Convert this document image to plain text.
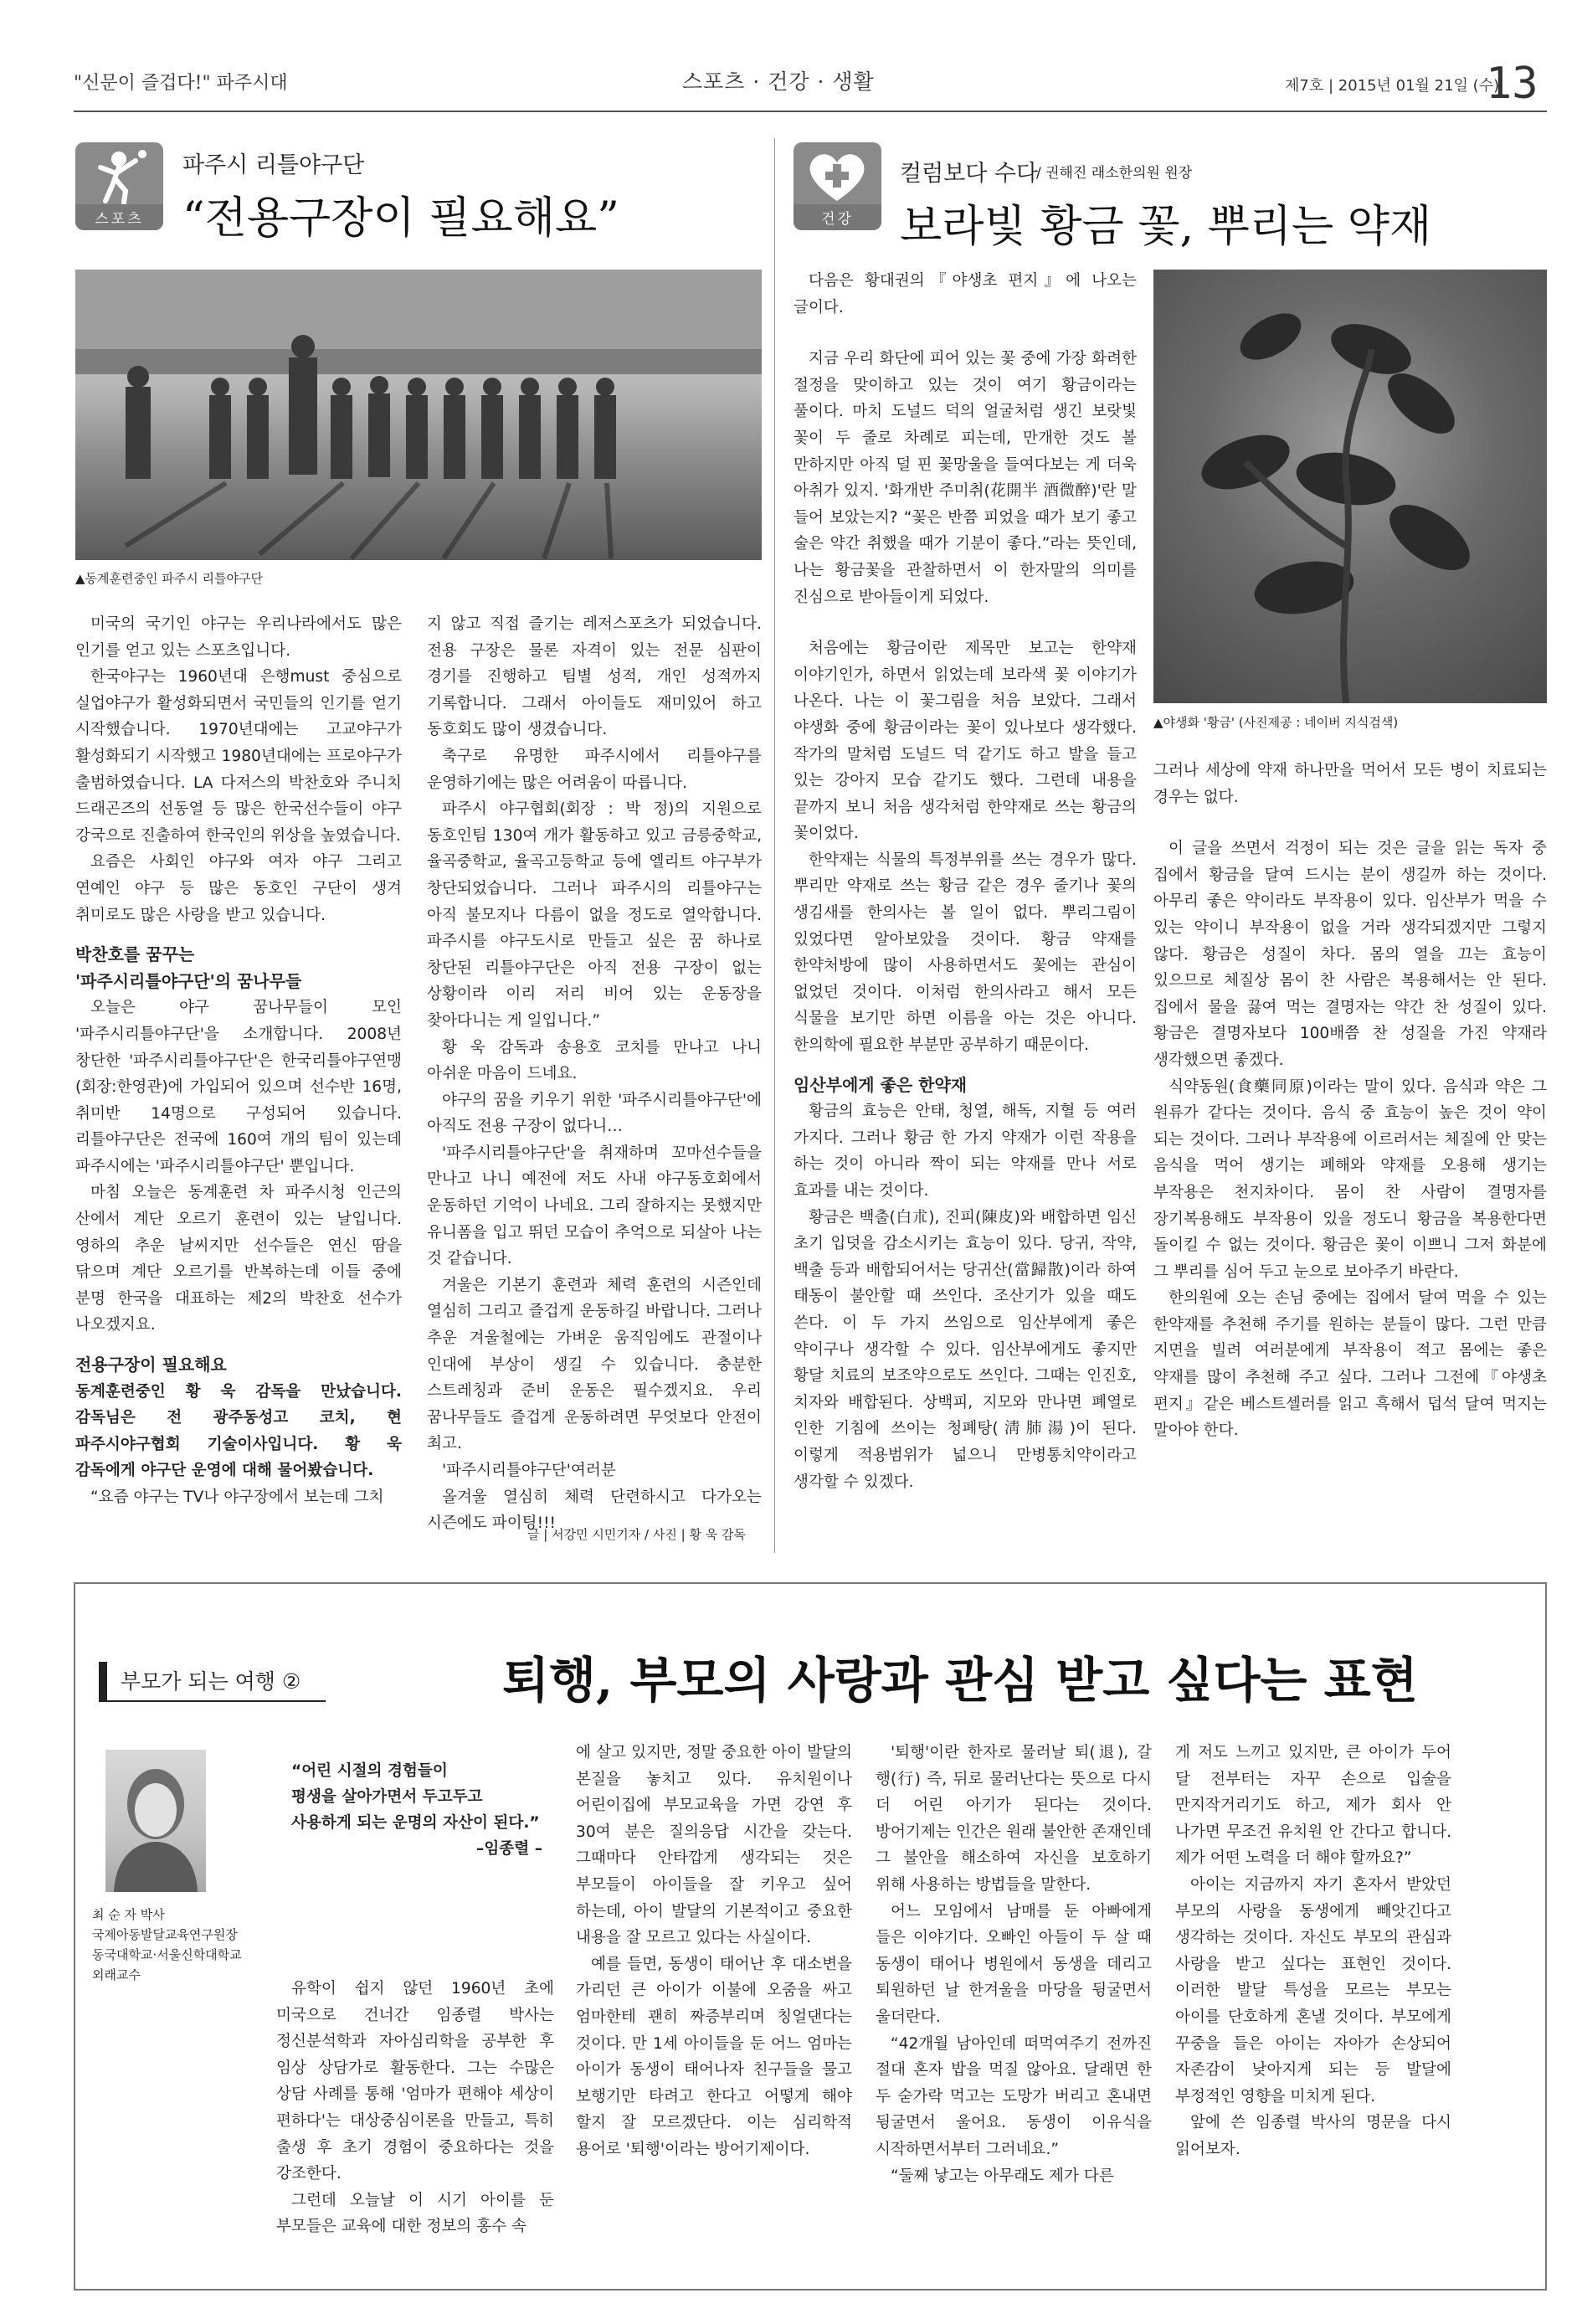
"신문이 즐겁다!" 파주시대	스포츠 · 건강 · 생활	제7호 | 2015년 01월 21일 (수)
13
스포츠
파주시 리틀야구단
“전용구장이 필요해요”	건강
컬럼보다 수다
/ 권해진 래소한의원 원장
보라빛 황금 꽃, 뿌리는 약재
▲동계훈련중인 파주시 리틀야구단

미국의 국기인 야구는 우리나라에서도 많은 인기를 얻고 있는 스포츠입니다.

한국야구는 1960년대 은행must 중심으로 실업야구가 활성화되면서 국민들의 인기를 얻기 시작했습니다. 1970년대에는 고교야구가 활성화되기 시작했고 1980년대에는 프로야구가 출범하였습니다. LA 다저스의 박찬호와 주니치 드래곤즈의 선동열 등 많은 한국선수들이 야구 강국으로 진출하여 한국인의 위상을 높였습니다.

요즘은 사회인 야구와 여자 야구 그리고 연예인 야구 등 많은 동호인 구단이 생겨 취미로도 많은 사랑을 받고 있습니다.

박찬호를 꿈꾸는

'파주시리틀야구단'의 꿈나무들

오늘은 야구 꿈나무들이 모인 '파주시리틀야구단'을 소개합니다. 2008년 창단한 '파주시리틀야구단'은 한국리틀야구연맹(회장:한영관)에 가입되어 있으며 선수반 16명, 취미반 14명으로 구성되어 있습니다. 리틀야구단은 전국에 160여 개의 팀이 있는데 파주시에는 '파주시리틀야구단' 뿐입니다.

마침 오늘은 동계훈련 차 파주시청 인근의 산에서 계단 오르기 훈련이 있는 날입니다. 영하의 추운 날씨지만 선수들은 연신 땀을 닦으며 계단 오르기를 반복하는데 이들 중에 분명 한국을 대표하는 제2의 박찬호 선수가 나오겠지요.

전용구장이 필요해요

동계훈련중인 황 욱 감독을 만났습니다. 감독님은 전 광주동성고 코치, 현 파주시야구협회 기술이사입니다. 황 욱 감독에게 야구단 운영에 대해 물어봤습니다.

“요즘 야구는 TV나 야구장에서 보는데 그치

지 않고 직접 즐기는 레저스포츠가 되었습니다. 전용 구장은 물론 자격이 있는 전문 심판이 경기를 진행하고 팀별 성적, 개인 성적까지 기록합니다. 그래서 아이들도 재미있어 하고 동호회도 많이 생겼습니다.

축구로 유명한 파주시에서 리틀야구를 운영하기에는 많은 어려움이 따릅니다.

파주시 야구협회(회장 : 박 정)의 지원으로 동호인팀 130여 개가 활동하고 있고 금릉중학교, 율곡중학교, 율곡고등학교 등에 엘리트 야구부가 창단되었습니다. 그러나 파주시의 리틀야구는 아직 불모지나 다름이 없을 정도로 열악합니다. 파주시를 야구도시로 만들고 싶은 꿈 하나로 창단된 리틀야구단은 아직 전용 구장이 없는 상황이라 이리 저리 비어 있는 운동장을 찾아다니는 게 일입니다.”

황 욱 감독과 송용호 코치를 만나고 나니 아쉬운 마음이 드네요.

야구의 꿈을 키우기 위한 '파주시리틀야구단'에 아직도 전용 구장이 없다니…

'파주시리틀야구단'을 취재하며 꼬마선수들을 만나고 나니 예전에 저도 사내 야구동호회에서 운동하던 기억이 나네요. 그리 잘하지는 못했지만 유니폼을 입고 뛰던 모습이 추억으로 되살아 나는 것 같습니다.

겨울은 기본기 훈련과 체력 훈련의 시즌인데 열심히 그리고 즐겁게 운동하길 바랍니다. 그러나 추운 겨울철에는 가벼운 움직임에도 관절이나 인대에 부상이 생길 수 있습니다. 충분한 스트레칭과 준비 운동은 필수겠지요. 우리 꿈나무들도 즐겁게 운동하려면 무엇보다 안전이 최고.

'파주시리틀야구단'여러분

올겨울 열심히 체력 단련하시고 다가오는 시즌에도 파이팅!!!

글 | 서강민 시민기자 / 사진 | 황 욱 감독

다음은 황대권의『야생초 편지』에 나오는 글이다.

지금 우리 화단에 피어 있는 꽃 중에 가장 화려한 절정을 맞이하고 있는 것이 여기 황금이라는 풀이다. 마치 도널드 덕의 얼굴처럼 생긴 보랏빛 꽃이 두 줄로 차례로 피는데, 만개한 것도 볼 만하지만 아직 덜 핀 꽃망울을 들여다보는 게 더욱 아취가 있지. '화개반 주미취(花開半 酒微醉)'란 말 들어 보았는지? “꽃은 반쯤 피었을 때가 보기 좋고 술은 약간 취했을 때가 기분이 좋다.”라는 뜻인데, 나는 황금꽃을 관찰하면서 이 한자말의 의미를 진심으로 받아들이게 되었다.

처음에는 황금이란 제목만 보고는 한약재 이야기인가, 하면서 읽었는데 보라색 꽃 이야기가 나온다. 나는 이 꽃그림을 처음 보았다. 그래서 야생화 중에 황금이라는 꽃이 있나보다 생각했다. 작가의 말처럼 도널드 덕 같기도 하고 발을 들고 있는 강아지 모습 같기도 했다. 그런데 내용을 끝까지 보니 처음 생각처럼 한약재로 쓰는 황금의 꽃이었다.

한약재는 식물의 특정부위를 쓰는 경우가 많다. 뿌리만 약재로 쓰는 황금 같은 경우 줄기나 꽃의 생김새를 한의사는 볼 일이 없다. 뿌리그림이 있었다면 알아보았을 것이다. 황금 약재를 한약처방에 많이 사용하면서도 꽃에는 관심이 없었던 것이다. 이처럼 한의사라고 해서 모든 식물을 보기만 하면 이름을 아는 것은 아니다. 한의학에 필요한 부분만 공부하기 때문이다.

임산부에게 좋은 한약재

황금의 효능은 안태, 청열, 해독, 지혈 등 여러 가지다. 그러나 황금 한 가지 약재가 이런 작용을 하는 것이 아니라 짝이 되는 약재를 만나 서로 효과를 내는 것이다.

황금은 백출(白朮), 진피(陳皮)와 배합하면 임신 초기 입덧을 감소시키는 효능이 있다. 당귀, 작약, 백출 등과 배합되어서는 당귀산(當歸散)이라 하여 태동이 불안할 때 쓰인다. 조산기가 있을 때도 쓴다. 이 두 가지 쓰임으로 임산부에게 좋은 약이구나 생각할 수 있다. 임산부에게도 좋지만 황달 치료의 보조약으로도 쓰인다. 그때는 인진호, 치자와 배합된다. 상백피, 지모와 만나면 폐열로 인한 기침에 쓰이는 청폐탕(淸肺湯)이 된다. 이렇게 적용범위가 넓으니 만병통치약이라고 생각할 수 있겠다.

▲야생화 '황금' (사진제공 : 네이버 지식검색)

그러나 세상에 약재 하나만을 먹어서 모든 병이 치료되는 경우는 없다.

이 글을 쓰면서 걱정이 되는 것은 글을 읽는 독자 중 집에서 황금을 달여 드시는 분이 생길까 하는 것이다. 아무리 좋은 약이라도 부작용이 있다. 임산부가 먹을 수 있는 약이니 부작용이 없을 거라 생각되겠지만 그렇지 않다. 황금은 성질이 차다. 몸의 열을 끄는 효능이 있으므로 체질상 몸이 찬 사람은 복용해서는 안 된다. 집에서 물을 끓여 먹는 결명자는 약간 찬 성질이 있다. 황금은 결명자보다 100배쯤 찬 성질을 가진 약재라 생각했으면 좋겠다.

식약동원(食藥同原)이라는 말이 있다. 음식과 약은 그 원류가 같다는 것이다. 음식 중 효능이 높은 것이 약이 되는 것이다. 그러나 부작용에 이르러서는 체질에 안 맞는 음식을 먹어 생기는 폐해와 약재를 오용해 생기는 부작용은 천지차이다. 몸이 찬 사람이 결명자를 장기복용해도 부작용이 있을 정도니 황금을 복용한다면 돌이킬 수 없는 것이다. 황금은 꽃이 이쁘니 그저 화분에 그 뿌리를 심어 두고 눈으로 보아주기 바란다.

한의원에 오는 손님 중에는 집에서 달여 먹을 수 있는 한약재를 추천해 주기를 원하는 분들이 많다. 그런 만큼 지면을 빌려 여러분에게 부작용이 적고 몸에는 좋은 약재를 많이 추천해 주고 싶다. 그러나 그전에『야생초 편지』같은 베스트셀러를 읽고 흑해서 덥석 달여 먹지는 말아야 한다.

부모가 되는 여행 ②	퇴행, 부모의 사랑과 관심 받고 싶다는 표현
최 순 자 박사
국제아동발달교육연구원장
동국대학교·서울신학대학교
외래교수
“어린 시절의 경험들이
평생을 살아가면서 두고두고
사용하게 되는 운명의 자산이 된다.”
–임종렬 –

유학이 쉽지 않던 1960년 초에 미국으로 건너간 임종렬 박사는 정신분석학과 자아심리학을 공부한 후 임상 상담가로 활동한다. 그는 수많은 상담 사례를 통해 '엄마가 편해야 세상이 편하다'는 대상중심이론을 만들고, 특히 출생 후 초기 경험이 중요하다는 것을 강조한다.

그런데 오늘날 이 시기 아이를 둔 부모들은 교육에 대한 정보의 홍수 속

에 살고 있지만, 정말 중요한 아이 발달의 본질을 놓치고 있다. 유치원이나 어린이집에 부모교육을 가면 강연 후 30여 분은 질의응답 시간을 갖는다. 그때마다 안타깝게 생각되는 것은 부모들이 아이들을 잘 키우고 싶어 하는데, 아이 발달의 기본적이고 중요한 내용을 잘 모르고 있다는 사실이다.

예를 들면, 동생이 태어난 후 대소변을 가리던 큰 아이가 이불에 오줌을 싸고 엄마한테 괜히 짜증부리며 칭얼댄다는 것이다. 만 1세 아이들을 둔 어느 엄마는 아이가 동생이 태어나자 친구들을 물고 보행기만 타려고 한다고 어떻게 해야 할지 잘 모르겠단다. 이는 심리학적 용어로 '퇴행'이라는 방어기제이다.

'퇴행'이란 한자로 물러날 퇴(退), 갈 행(行) 즉, 뒤로 물러난다는 뜻으로 다시 더 어린 아기가 된다는 것이다. 방어기제는 인간은 원래 불안한 존재인데 그 불안을 해소하여 자신을 보호하기 위해 사용하는 방법들을 말한다.

어느 모임에서 남매를 둔 아빠에게 들은 이야기다. 오빠인 아들이 두 살 때 동생이 태어나 병원에서 동생을 데리고 퇴원하던 날 한겨울을 마당을 뒹굴면서 울더란다.

“42개월 남아인데 떠먹여주기 전까진 절대 혼자 밥을 먹질 않아요. 달래면 한 두 숟가락 먹고는 도망가 버리고 혼내면 뒹굴면서 울어요. 동생이 이유식을 시작하면서부터 그러네요.”

“둘째 낳고는 아무래도 제가 다른

게 저도 느끼고 있지만, 큰 아이가 두어 달 전부터는 자꾸 손으로 입술을 만지작거리기도 하고, 제가 회사 안 나가면 무조건 유치원 안 간다고 합니다. 제가 어떤 노력을 더 해야 할까요?”

아이는 지금까지 자기 혼자서 받았던 부모의 사랑을 동생에게 빼앗긴다고 생각하는 것이다. 자신도 부모의 관심과 사랑을 받고 싶다는 표현인 것이다. 이러한 발달 특성을 모르는 부모는 아이를 단호하게 혼낼 것이다. 부모에게 꾸중을 들은 아이는 자아가 손상되어 자존감이 낮아지게 되는 등 발달에 부정적인 영향을 미치게 된다.

앞에 쓴 임종렬 박사의 명문을 다시 읽어보자.
